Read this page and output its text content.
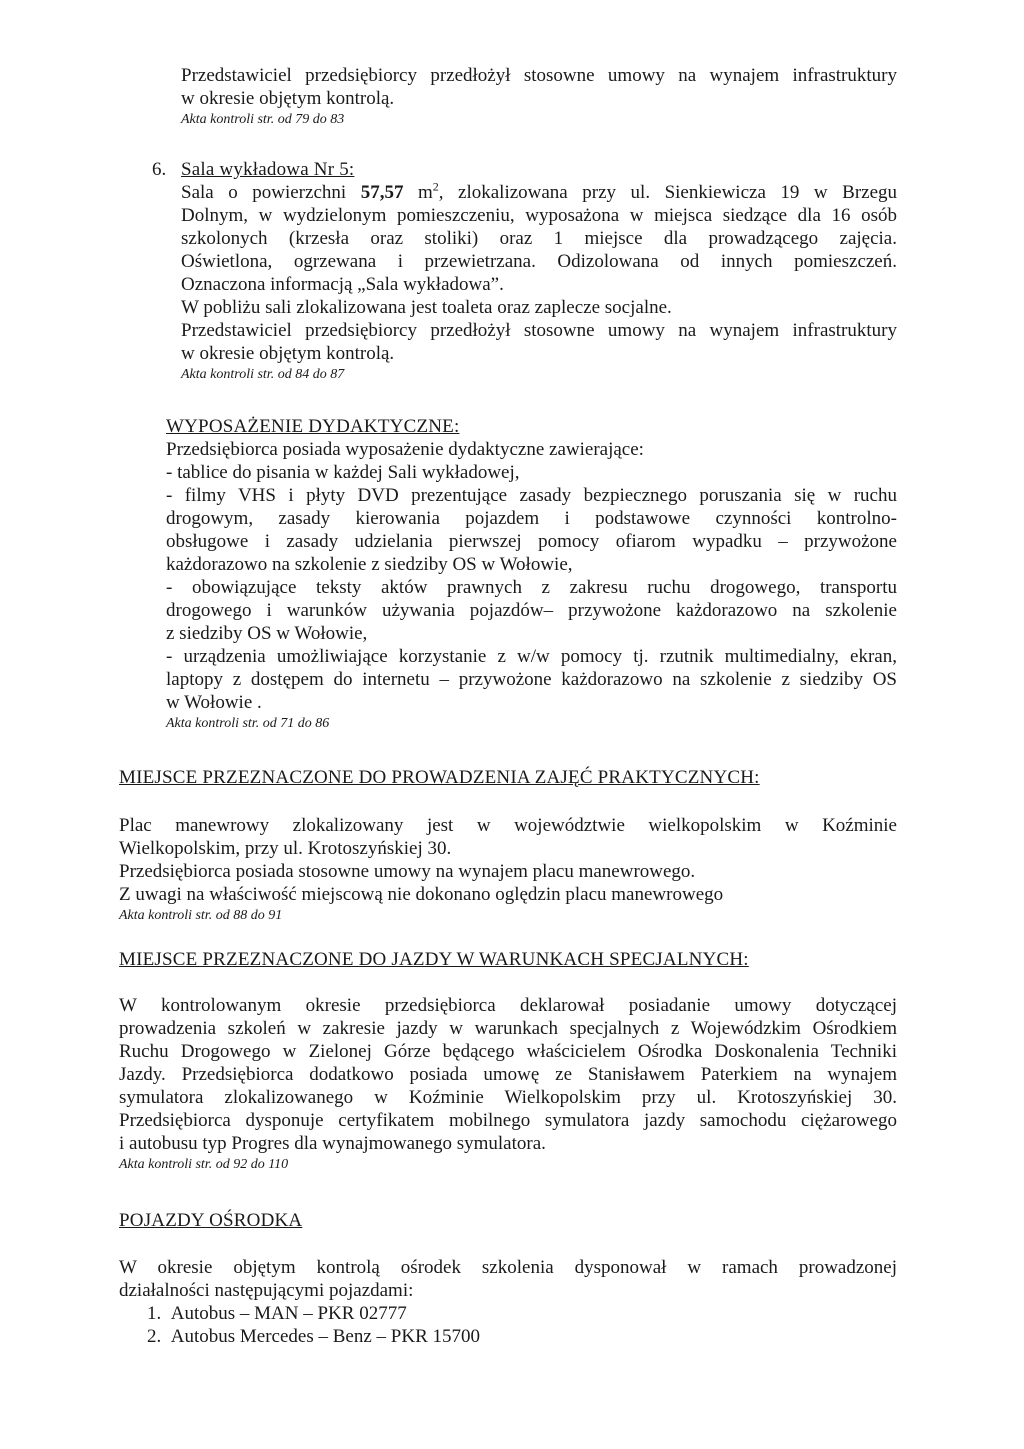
Przedstawiciel przedsiębiorcy przedłożył stosowne umowy na wynajem infrastruktury
w okresie objętym kontrolą.
Akta kontroli str. od 79 do 83
6. Sala wykładowa Nr 5:
Sala o powierzchni 57,57 $m^2$, zlokalizowana przy ul. Sienkiewicza 19 w Brzegu
Dolnym, w wydzielonym pomieszczeniu, wyposażona w miejsca siedzące dla 16 osób
szkolonych (krzesła oraz stoliki) oraz 1 miejsce dla prowadzącego zajęcia.
Oświetlona, ogrzewana i przewietrzana. Odizolowana od innych pomieszczeń.
Oznaczona informacją „Sala wykładowa”.
W pobliżu sali zlokalizowana jest toaleta oraz zaplecze socjalne.
Przedstawiciel przedsiębiorcy przedłożył stosowne umowy na wynajem infrastruktury
w okresie objętym kontrolą.
Akta kontroli str. od 84 do 87
WYPOSAŻENIE DYDAKTYCZNE:
Przedsiębiorca posiada wyposażenie dydaktyczne zawierające:
- tablice do pisania w każdej Sali wykładowej,
- filmy VHS i płyty DVD prezentujące zasady bezpiecznego poruszania się w ruchu
drogowym, zasady kierowania pojazdem i podstawowe czynności kontrolno-
obsługowe i zasady udzielania pierwszej pomocy ofiarom wypadku – przywożone
każdorazowo na szkolenie z siedziby OS w Wołowie,
- obowiązujące teksty aktów prawnych z zakresu ruchu drogowego, transportu
drogowego i warunków używania pojazdów– przywożone każdorazowo na szkolenie
z siedziby OS w Wołowie,
- urządzenia umożliwiające korzystanie z w/w pomocy tj. rzutnik multimedialny, ekran,
laptopy z dostępem do internetu – przywożone każdorazowo na szkolenie z siedziby OS
w Wołowie .
Akta kontroli str. od 71 do 86
MIEJSCE PRZEZNACZONE DO PROWADZENIA ZAJĘĆ PRAKTYCZNYCH:
Plac manewrowy zlokalizowany jest w województwie wielkopolskim w Koźminie
Wielkopolskim, przy ul. Krotoszyńskiej 30.
Przedsiębiorca posiada stosowne umowy na wynajem placu manewrowego.
Z uwagi na właściwość miejscową nie dokonano oględzin placu manewrowego
Akta kontroli str. od 88 do 91
MIEJSCE PRZEZNACZONE DO JAZDY W WARUNKACH SPECJALNYCH:
W kontrolowanym okresie przedsiębiorca deklarował posiadanie umowy dotyczącej
prowadzenia szkoleń w zakresie jazdy w warunkach specjalnych z Wojewódzkim Ośrodkiem
Ruchu Drogowego w Zielonej Górze będącego właścicielem Ośrodka Doskonalenia Techniki
Jazdy. Przedsiębiorca dodatkowo posiada umowę ze Stanisławem Paterkiem na wynajem
symulatora zlokalizowanego w Koźminie Wielkopolskim przy ul. Krotoszyńskiej 30.
Przedsiębiorca dysponuje certyfikatem mobilnego symulatora jazdy samochodu ciężarowego
i autobusu typ Progres dla wynajmowanego symulatora.
Akta kontroli str. od 92 do 110
POJAZDY OŚRODKA
W okresie objętym kontrolą ośrodek szkolenia dysponował w ramach prowadzonej
działalności następującymi pojazdami:
1. Autobus – MAN – PKR 02777
2. Autobus Mercedes – Benz – PKR 15700
